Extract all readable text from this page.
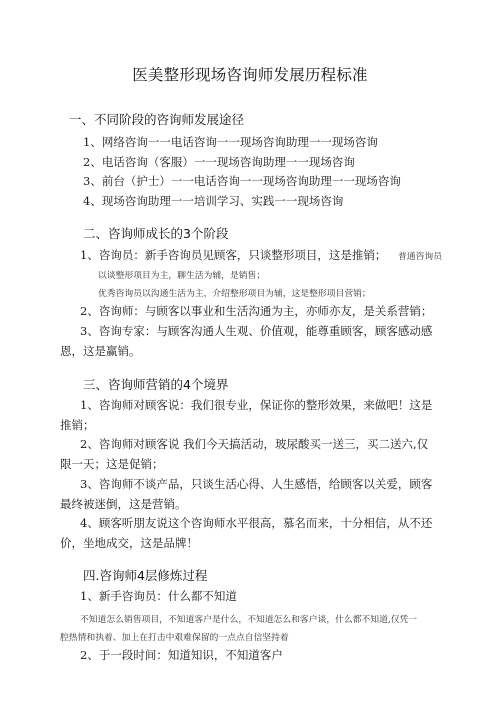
医美整形现场咨询师发展历程标准
一、不同阶段的咨询师发展途径
1、网络咨询一一电话咨询一一现场咨询助理一一现场咨询
2、电话咨询（客服）一一现场咨询助理一一现场咨询
3、前台（护士）一一电话咨询一一现场咨询助理一一现场咨询
4、现场咨询助理一一培训学习、实践一一现场咨询
二、咨询师成长的3个阶段
1、咨询员：新手咨询员见顾客，只谈整形项目，这是推销； 普通咨询员
以谈整形项目为主，聊生活为辅，是销售；
优秀咨询员以沟通生活为主，介绍整形项目为辅，这是整形项目营销；
2、咨询师：与顾客以事业和生活沟通为主，亦师亦友，是关系营销；
3、咨询专家：与顾客沟通人生观、价值观，能尊重顾客，顾客感动感
恩，这是赢销。
三、咨询师营销的4个境界
1、咨询师对顾客说：我们很专业，保证你的整形效果，来做吧！这是
推销；
2、咨询师对顾客说 我们今天搞活动，玻尿酸买一送三，买二送六,仅
限一天；这是促销；
3、咨询师不谈产品，只谈生活心得、人生感悟，给顾客以关爱，顾客
最终被迷倒，这是营销。
4、顾客听朋友说这个咨询师水平很高，慕名而来，十分相信，从不还
价，坐地成交，这是品牌！
四.咨询师4层修炼过程
1、新手咨询员：什么都不知道
不知道怎么销售项目，不知道客户是什么，不知道怎么和客户谈，什么都不知道,仅凭一
腔热情和执着、加上在打击中艰难保留的一点点自信坚持着
2、于一段时间：知道知识，不知道客户
